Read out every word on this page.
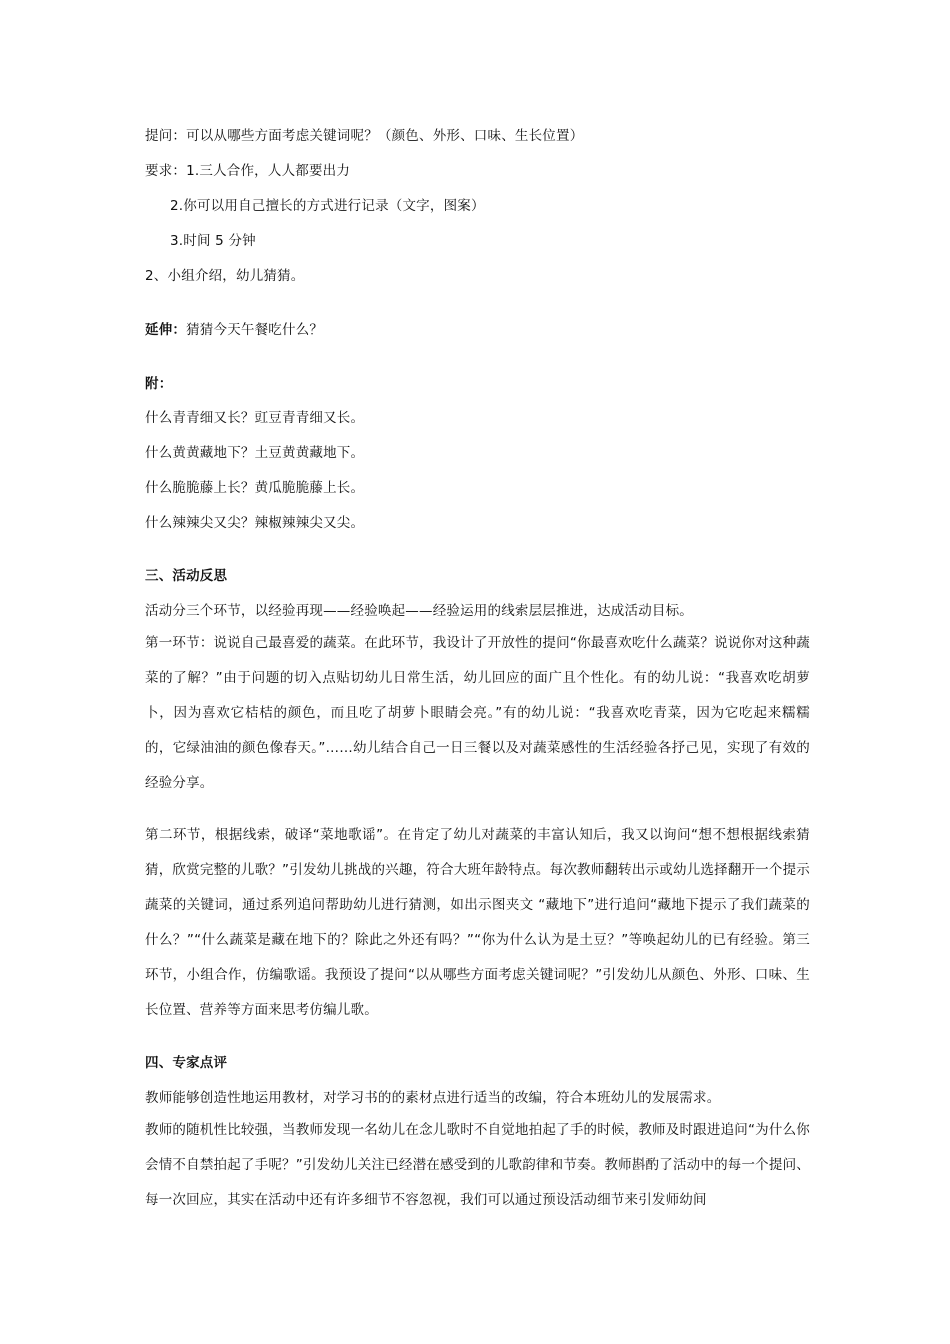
提问：可以从哪些方面考虑关键词呢？（颜色、外形、口味、生长位置）
要求：1.三人合作，人人都要出力
2.你可以用自己擅长的方式进行记录（文字，图案）
3.时间 5 分钟
2、小组介绍，幼儿猜猜。
延伸：猜猜今天午餐吃什么？
附：
什么青青细又长？豇豆青青细又长。
什么黄黄藏地下？土豆黄黄藏地下。
什么脆脆藤上长？黄瓜脆脆藤上长。
什么辣辣尖又尖？辣椒辣辣尖又尖。
三、活动反思
活动分三个环节，以经验再现——经验唤起——经验运用的线索层层推进，达成活动目标。
第一环节：说说自己最喜爱的蔬菜。在此环节，我设计了开放性的提问“你最喜欢吃什么蔬菜？说说你对这种蔬菜的了解？”由于问题的切入点贴切幼儿日常生活，幼儿回应的面广且个性化。有的幼儿说：“我喜欢吃胡萝卜，因为喜欢它桔桔的颜色，而且吃了胡萝卜眼睛会亮。”有的幼儿说：“我喜欢吃青菜，因为它吃起来糯糯的，它绿油油的颜色像春天。”……幼儿结合自己一日三餐以及对蔬菜感性的生活经验各抒己见，实现了有效的经验分享。
第二环节，根据线索，破译“菜地歌谣”。在肯定了幼儿对蔬菜的丰富认知后，我又以询问“想不想根据线索猜猜，欣赏完整的儿歌？”引发幼儿挑战的兴趣，符合大班年龄特点。每次教师翻转出示或幼儿选择翻开一个提示蔬菜的关键词，通过系列追问帮助幼儿进行猜测，如出示图夹文 “藏地下”进行追问“藏地下提示了我们蔬菜的什么？”“什么蔬菜是藏在地下的？除此之外还有吗？”“你为什么认为是土豆？”等唤起幼儿的已有经验。第三环节，小组合作，仿编歌谣。我预设了提问“以从哪些方面考虑关键词呢？”引发幼儿从颜色、外形、口味、生长位置、营养等方面来思考仿编儿歌。
四、专家点评
教师能够创造性地运用教材，对学习书的的素材点进行适当的改编，符合本班幼儿的发展需求。
教师的随机性比较强，当教师发现一名幼儿在念儿歌时不自觉地拍起了手的时候，教师及时跟进追问“为什么你会情不自禁拍起了手呢？”引发幼儿关注已经潜在感受到的儿歌韵律和节奏。教师斟酌了活动中的每一个提问、每一次回应，其实在活动中还有许多细节不容忽视，我们可以通过预设活动细节来引发师幼间
